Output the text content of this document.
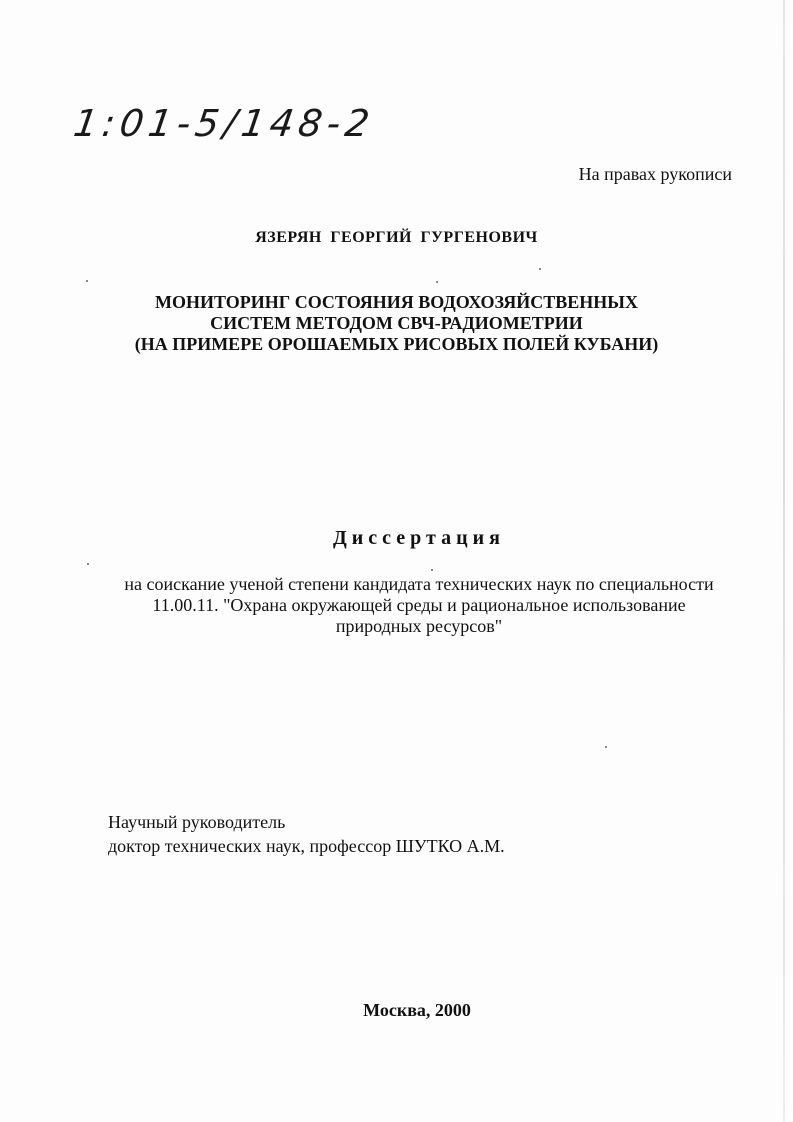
1:01-5/148-2
На правах рукописи
ЯЗЕРЯН ГЕОРГИЙ ГУРГЕНОВИЧ
МОНИТОРИНГ СОСТОЯНИЯ ВОДОХОЗЯЙСТВЕННЫХ
СИСТЕМ МЕТОДОМ СВЧ-РАДИОМЕТРИИ
(НА ПРИМЕРЕ ОРОШАЕМЫХ РИСОВЫХ ПОЛЕЙ КУБАНИ)
Диссертация
на соискание ученой степени кандидата технических наук по специальности
11.00.11. "Охрана окружающей среды и рациональное использование
природных ресурсов"
Научный руководитель
доктор технических наук, профессор ШУТКО А.М.
Москва, 2000
